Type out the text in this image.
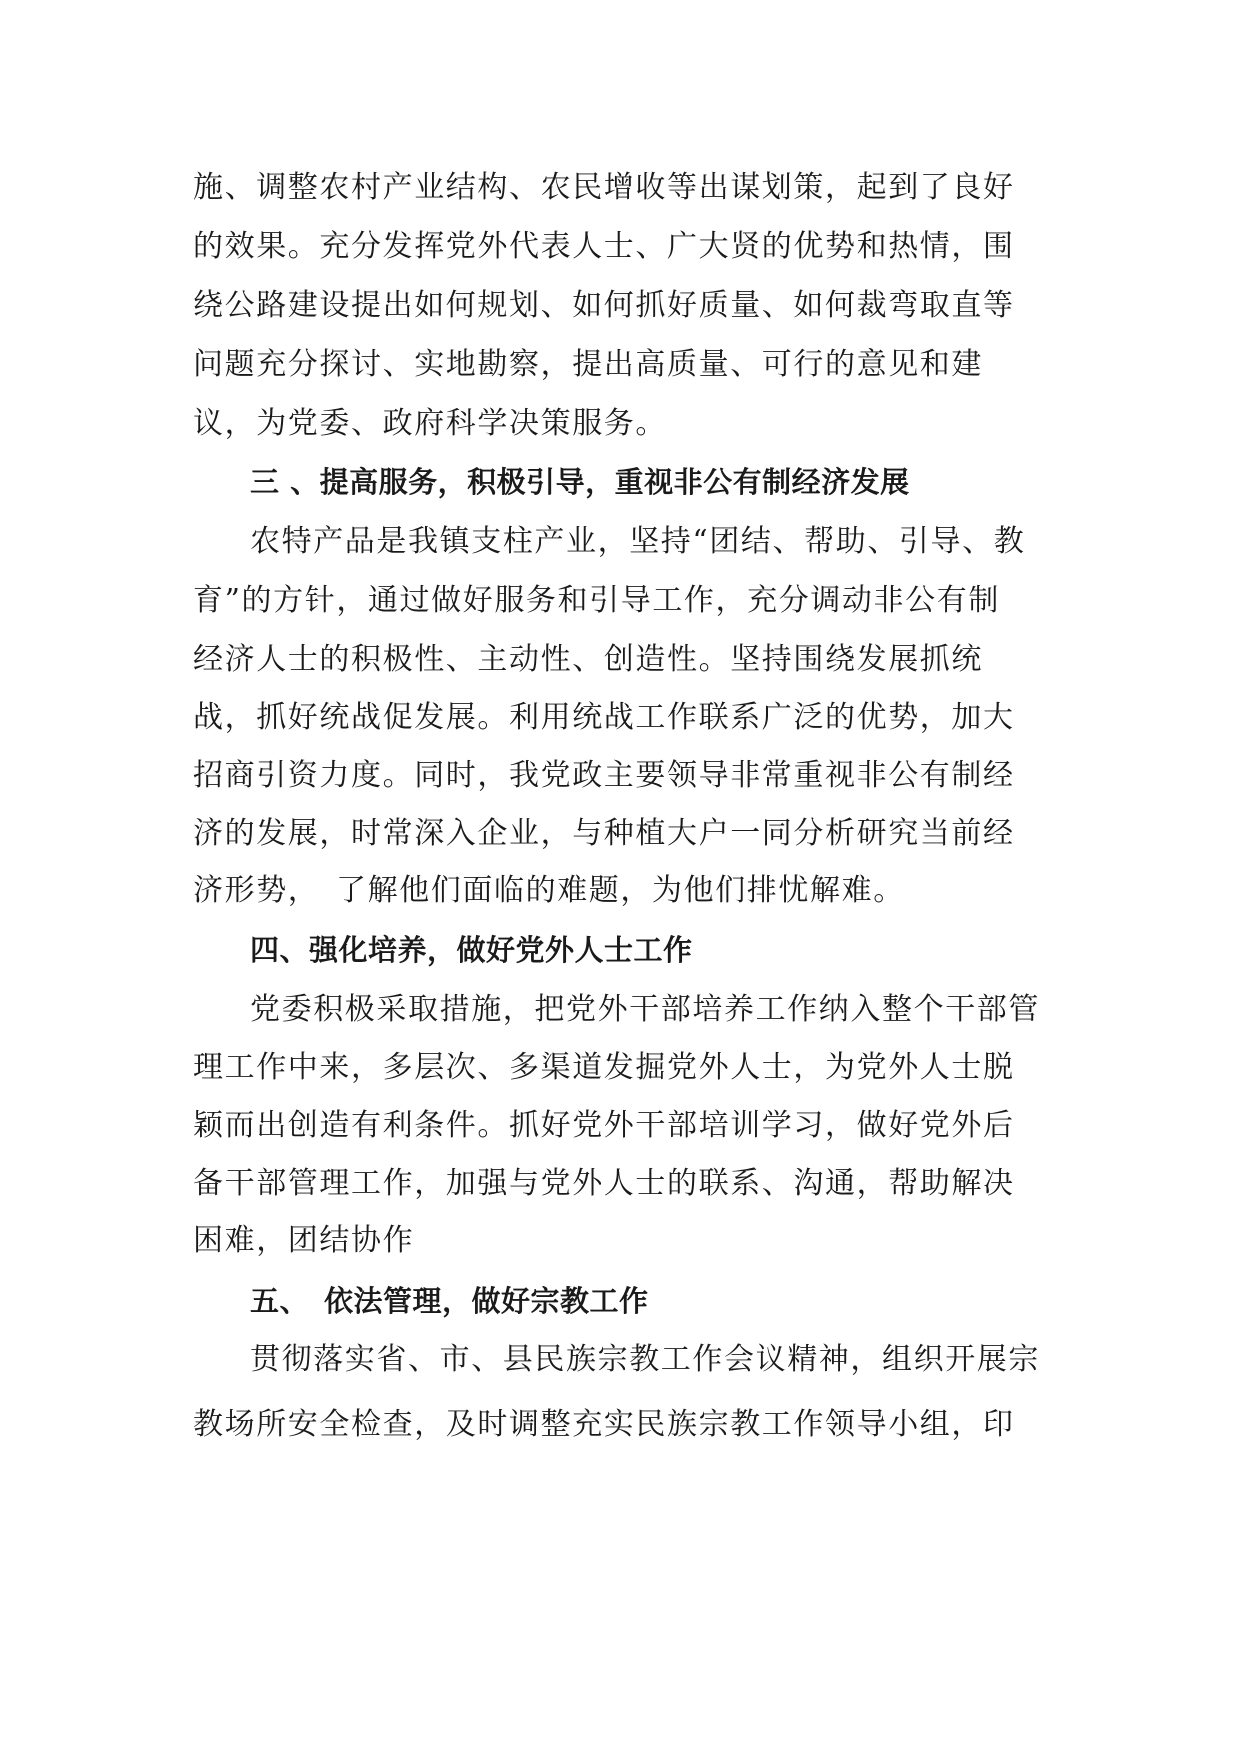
施、调整农村产业结构、农民增收等出谋划策，起到了良好
的效果。充分发挥党外代表人士、广大贤的优势和热情，围
绕公路建设提出如何规划、如何抓好质量、如何裁弯取直等
问题充分探讨、实地勘察，提出高质量、可行的意见和建
议，为党委、政府科学决策服务。
三 、提高服务，积极引导，重视非公有制经济发展
农特产品是我镇支柱产业，坚持“团结、帮助、引导、教
育”的方针，通过做好服务和引导工作，充分调动非公有制
经济人士的积极性、主动性、创造性。坚持围绕发展抓统
战，抓好统战促发展。利用统战工作联系广泛的优势，加大
招商引资力度。同时，我党政主要领导非常重视非公有制经
济的发展，时常深入企业，与种植大户一同分析研究当前经
济形势，　了解他们面临的难题，为他们排忧解难。
四、强化培养，做好党外人士工作
党委积极采取措施，把党外干部培养工作纳入整个干部管
理工作中来，多层次、多渠道发掘党外人士，为党外人士脱
颖而出创造有利条件。抓好党外干部培训学习，做好党外后
备干部管理工作，加强与党外人士的联系、沟通，帮助解决
困难，团结协作
五、　依法管理，做好宗教工作
贯彻落实省、市、县民族宗教工作会议精神，组织开展宗
教场所安全检查，及时调整充实民族宗教工作领导小组，印
